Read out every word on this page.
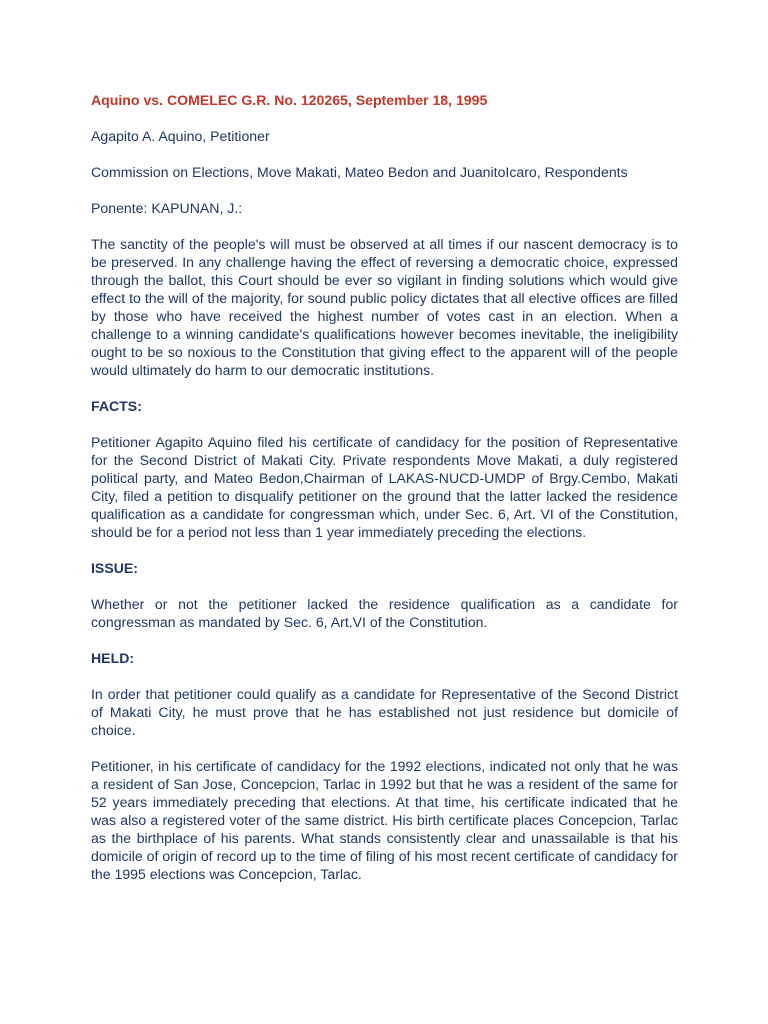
Aquino vs. COMELEC G.R. No. 120265, September 18, 1995
Agapito A. Aquino, Petitioner
Commission on Elections, Move Makati, Mateo Bedon and JuanitoIcaro, Respondents
Ponente: KAPUNAN, J.:
The sanctity of the people's will must be observed at all times if our nascent democracy is to be preserved. In any challenge having the effect of reversing a democratic choice, expressed through the ballot, this Court should be ever so vigilant in finding solutions which would give effect to the will of the majority, for sound public policy dictates that all elective offices are filled by those who have received the highest number of votes cast in an election. When a challenge to a winning candidate's qualifications however becomes inevitable, the ineligibility ought to be so noxious to the Constitution that giving effect to the apparent will of the people would ultimately do harm to our democratic institutions.
FACTS:
Petitioner Agapito Aquino filed his certificate of candidacy for the position of Representative for the Second District of Makati City. Private respondents Move Makati, a duly registered political party, and Mateo Bedon,Chairman of LAKAS-NUCD-UMDP of Brgy.Cembo, Makati City, filed a petition to disqualify petitioner on the ground that the latter lacked the residence qualification as a candidate for congressman which, under Sec. 6, Art. VI of the Constitution, should be for a period not less than 1 year immediately preceding the elections.
ISSUE:
Whether or not the petitioner lacked the residence qualification as a candidate for congressman as mandated by Sec. 6, Art.VI of the Constitution.
HELD:
In order that petitioner could qualify as a candidate for Representative of the Second District of Makati City, he must prove that he has established not just residence but domicile of choice.
Petitioner, in his certificate of candidacy for the 1992 elections, indicated not only that he was a resident of San Jose, Concepcion, Tarlac in 1992 but that he was a resident of the same for 52 years immediately preceding that elections. At that time, his certificate indicated that he was also a registered voter of the same district. His birth certificate places Concepcion, Tarlac as the birthplace of his parents. What stands consistently clear and unassailable is that his domicile of origin of record up to the time of filing of his most recent certificate of candidacy for the 1995 elections was Concepcion, Tarlac.
